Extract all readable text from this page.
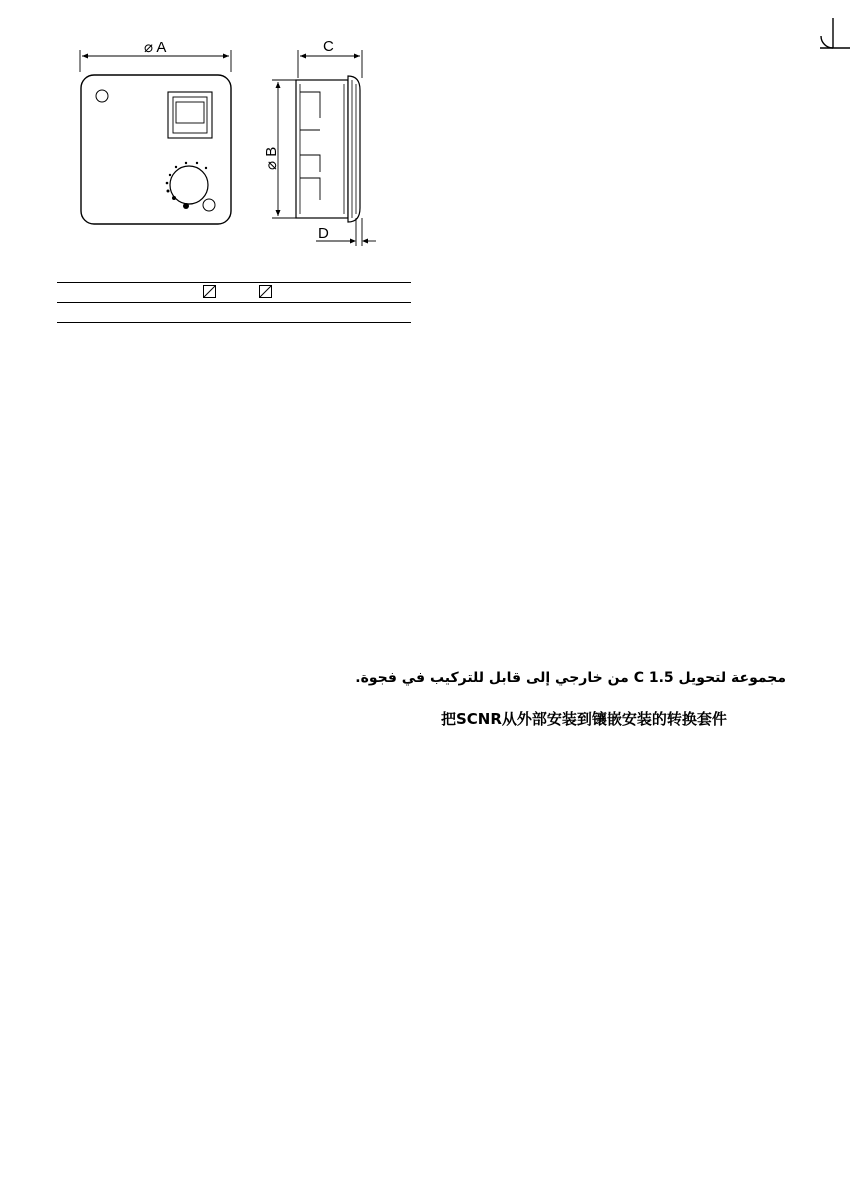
⌀ A	C
⌀ B
D
مجموعة لتحويل C 1.5 من خارجي إلى قابل للتركيب في فجوة.
把SCNR从外部安装到镶嵌安装的转换套件
